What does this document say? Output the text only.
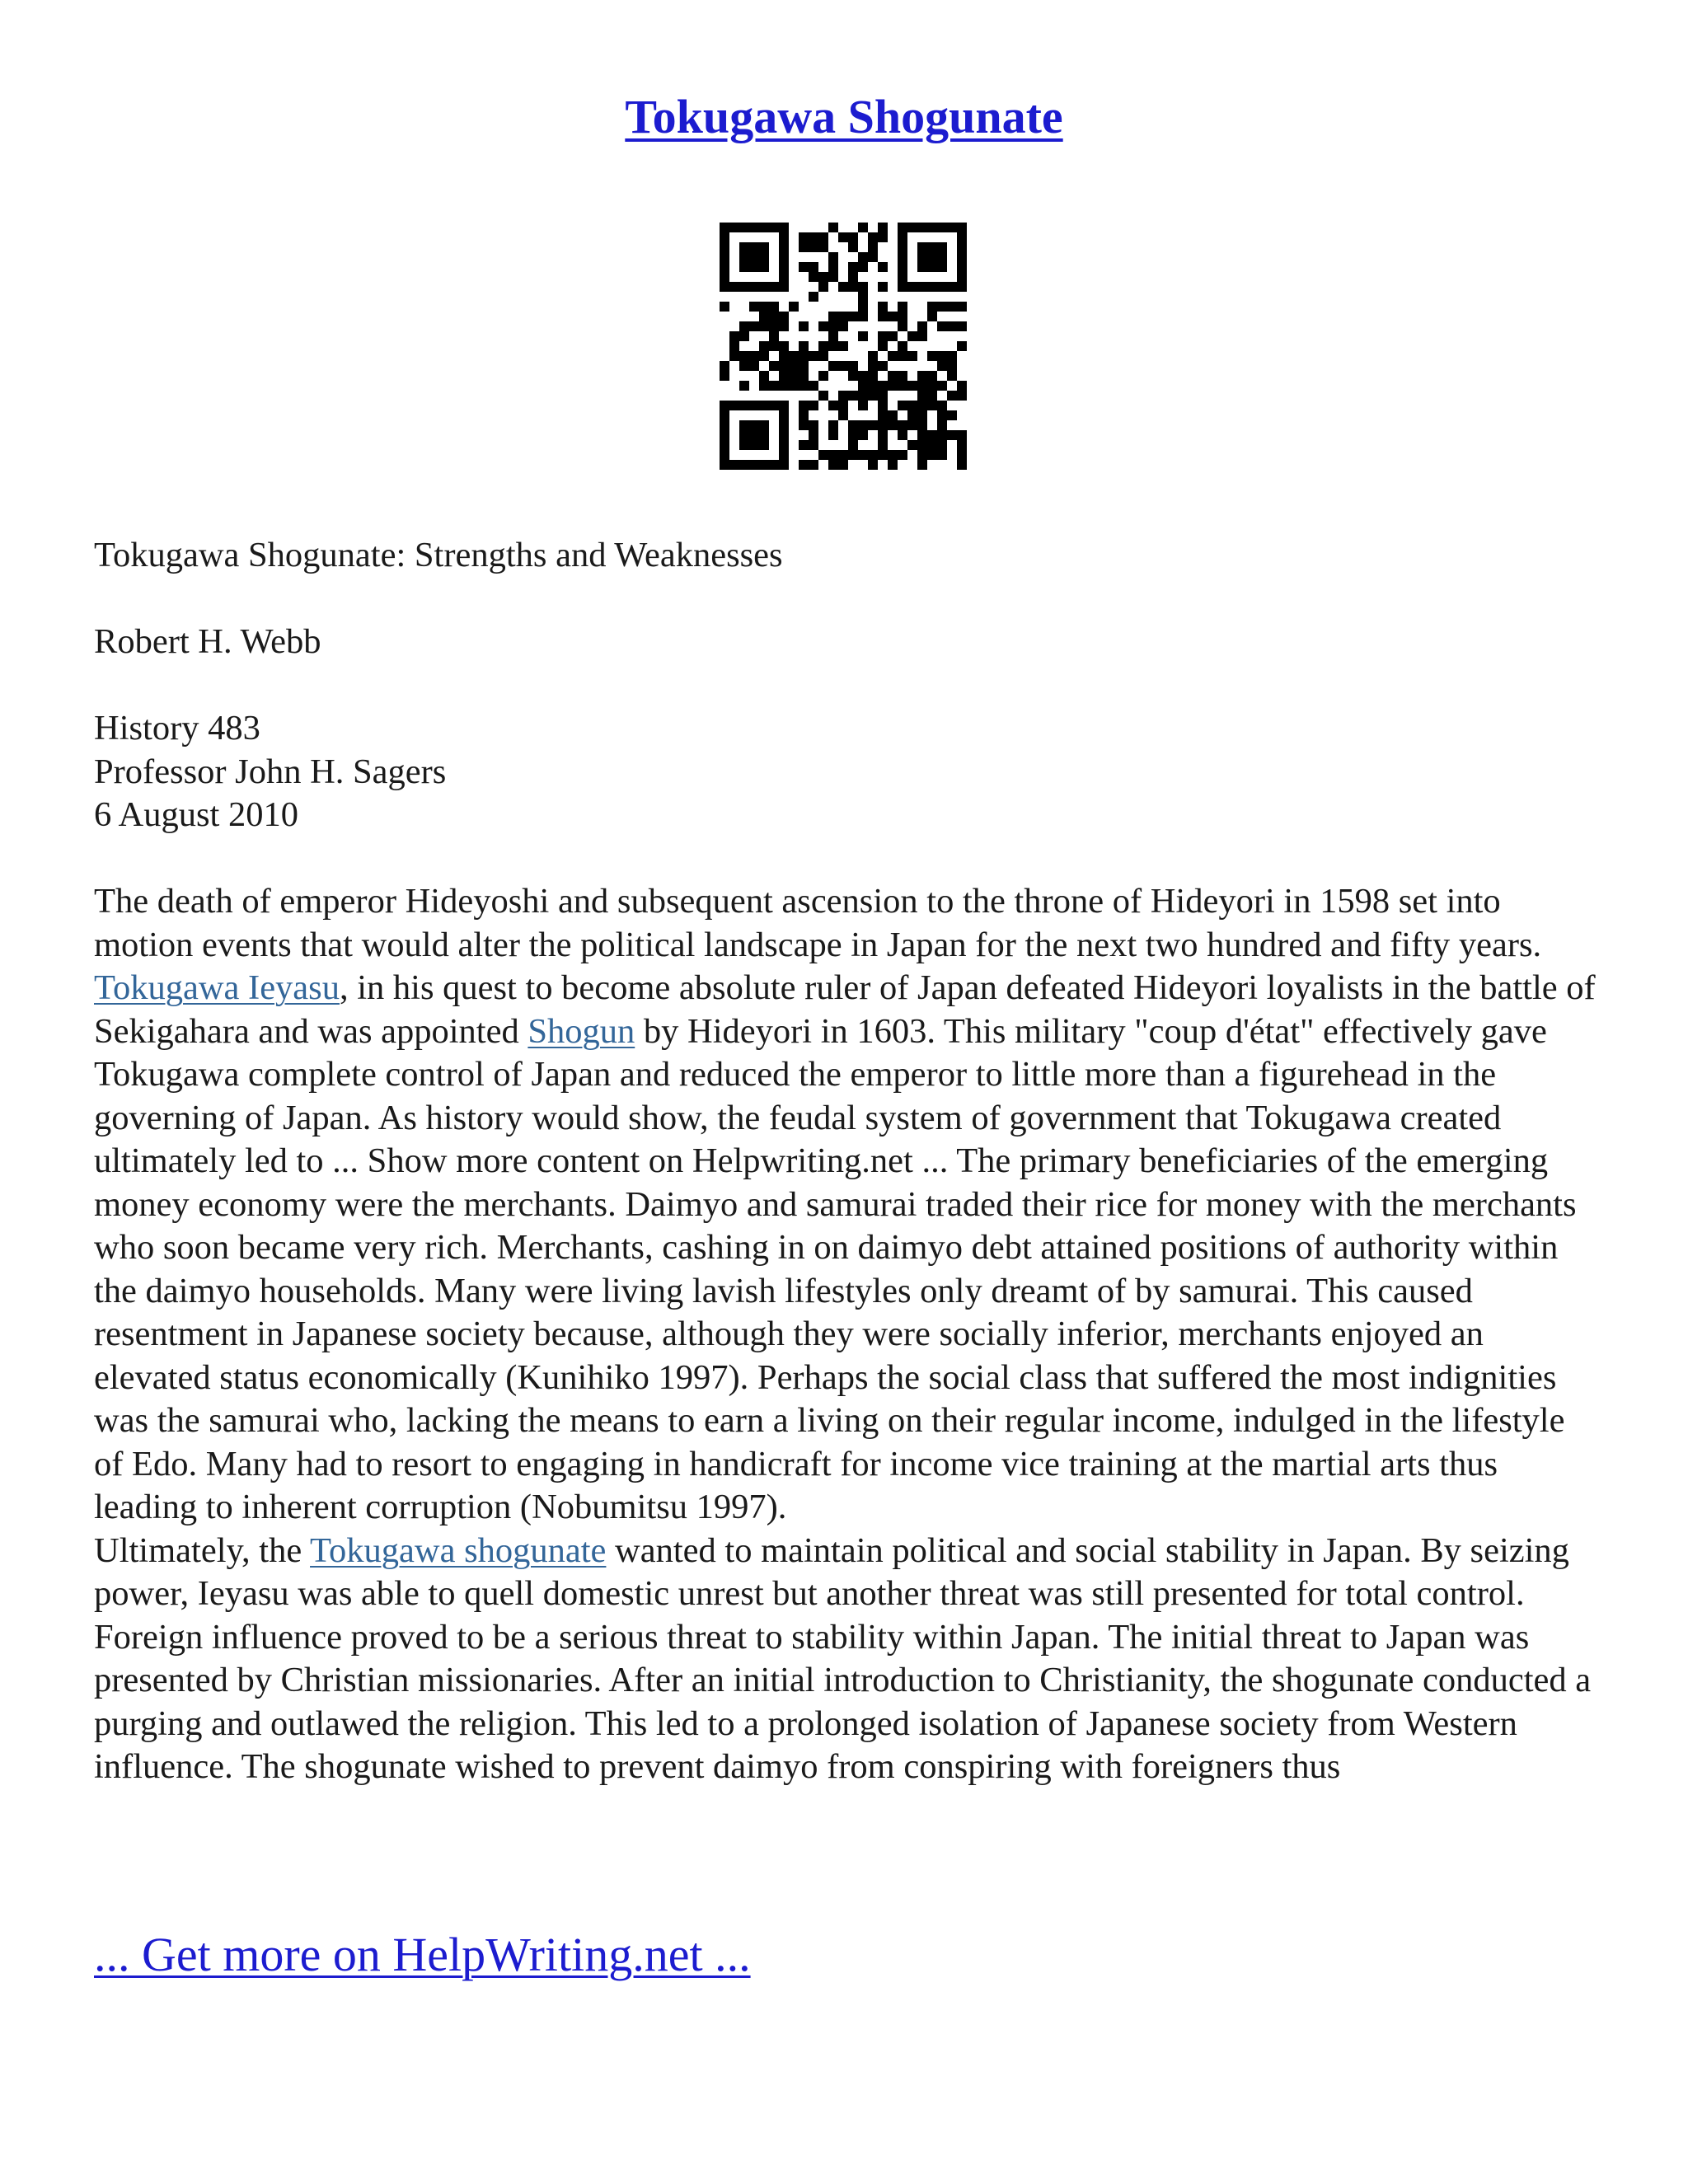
Tokugawa Shogunate

Tokugawa Shogunate: Strengths and Weaknesses

Robert H. Webb

History 483

Professor John H. Sagers

6 August 2010

The death of emperor Hideyoshi and subsequent ascension to the throne of Hideyori in 1598 set into motion events that would alter the political landscape in Japan for the next two hundred and fifty years. Tokugawa Ieyasu, in his quest to become absolute ruler of Japan defeated Hideyori loyalists in the battle of Sekigahara and was appointed Shogun by Hideyori in 1603. This military "coup d'état" effectively gave Tokugawa complete control of Japan and reduced the emperor to little more than a figurehead in the governing of Japan. As history would show, the feudal system of government that Tokugawa created ultimately led to ... Show more content on Helpwriting.net ... The primary beneficiaries of the emerging money economy were the merchants. Daimyo and samurai traded their rice for money with the merchants who soon became very rich. Merchants, cashing in on daimyo debt attained positions of authority within the daimyo households. Many were living lavish lifestyles only dreamt of by samurai. This caused resentment in Japanese society because, although they were socially inferior, merchants enjoyed an elevated status economically (Kunihiko 1997). Perhaps the social class that suffered the most indignities was the samurai who, lacking the means to earn a living on their regular income, indulged in the lifestyle of Edo. Many had to resort to engaging in handicraft for income vice training at the martial arts thus leading to inherent corruption (Nobumitsu 1997).

Ultimately, the Tokugawa shogunate wanted to maintain political and social stability in Japan. By seizing power, Ieyasu was able to quell domestic unrest but another threat was still presented for total control. Foreign influence proved to be a serious threat to stability within Japan. The initial threat to Japan was presented by Christian missionaries. After an initial introduction to Christianity, the shogunate conducted a purging and outlawed the religion. This led to a prolonged isolation of Japanese society from Western influence. The shogunate wished to prevent daimyo from conspiring with foreigners thus

... Get more on HelpWriting.net ...
